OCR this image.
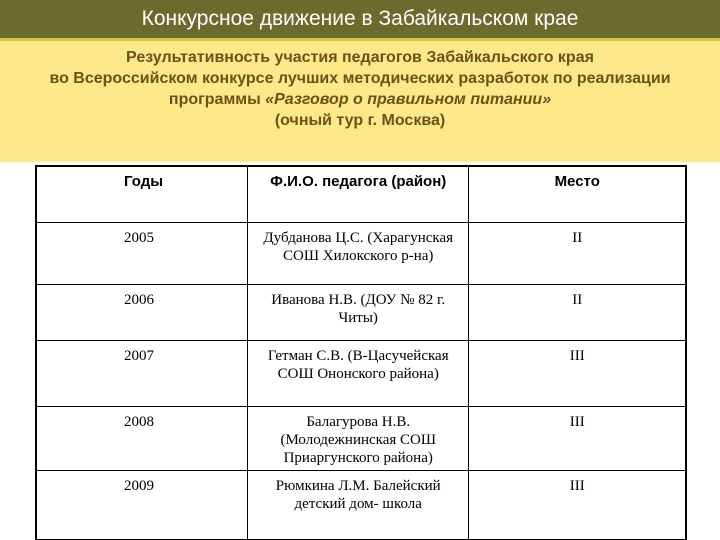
Конкурсное движение в Забайкальском крае
Результативность участия педагогов Забайкальского края
во Всероссийском конкурсе лучших методических разработок по реализации
программы «Разговор о правильном питании»
(очный тур г. Москва)
Годы	Ф.И.О. педагога (район)	Место
2005	Дубданова Ц.С. (Харагунская СОШ Хилокского р-на)	II
2006	Иванова Н.В. (ДОУ № 82 г. Читы)	II
2007	Гетман С.В. (В-Цасучейская СОШ Ононского района)	III
2008	Балагурова Н.В. (Молодежнинская СОШ Приаргунского района)	III
2009	Рюмкина Л.М. Балейский детский дом- школа	III
